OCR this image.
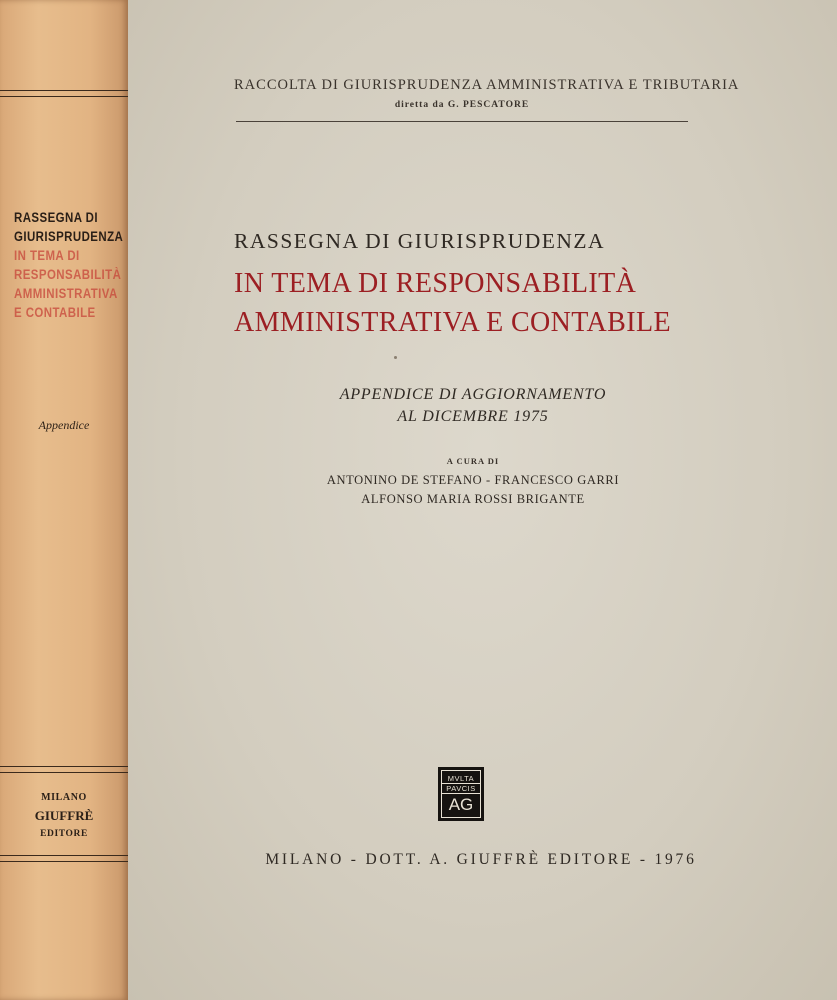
RASSEGNA DI
GIURISPRUDENZA
IN TEMA DI
RESPONSABILITÀ
AMMINISTRATIVA
E CONTABILE
Appendice
MILANO
GIUFFRÈ
EDITORE
RACCOLTA DI GIURISPRUDENZA AMMINISTRATIVA E TRIBUTARIA
diretta da G. PESCATORE
RASSEGNA DI GIURISPRUDENZA
IN TEMA DI RESPONSABILITÀ
AMMINISTRATIVA E CONTABILE
APPENDICE DI AGGIORNAMENTO
AL DICEMBRE 1975
A CURA DI
ANTONINO DE STEFANO - FRANCESCO GARRI
ALFONSO MARIA ROSSI BRIGANTE
MVLTA
PAVCIS
AG
MILANO - DOTT. A. GIUFFRÈ EDITORE - 1976
